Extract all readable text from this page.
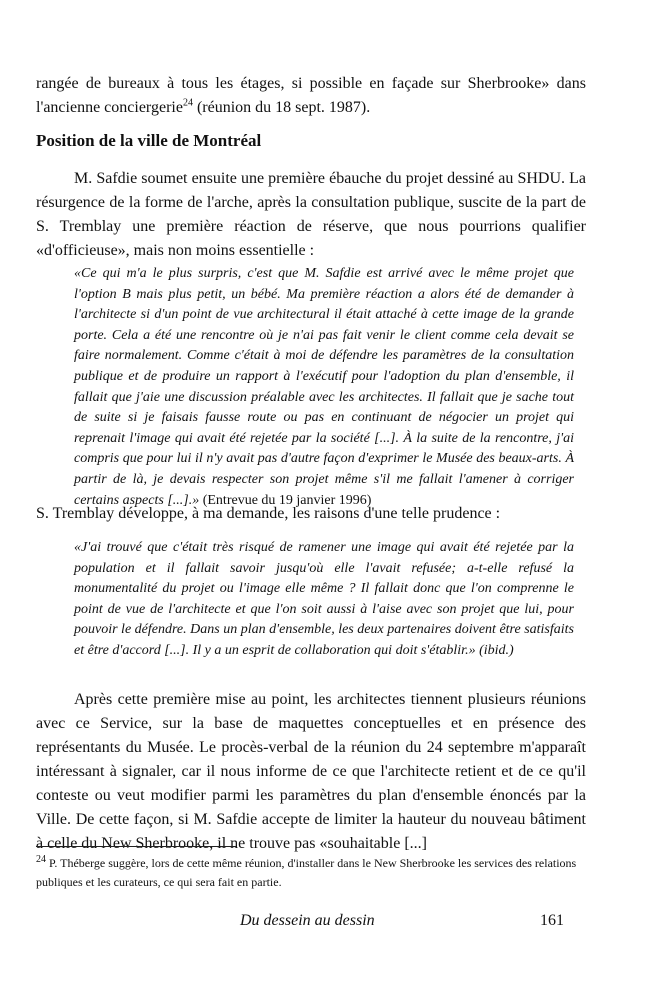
rangée de bureaux à tous les étages, si possible en façade sur Sherbrooke» dans l'ancienne conciergerie$^{24}$ (réunion du 18 sept. 1987).

Position de la ville de Montréal

M. Safdie soumet ensuite une première ébauche du projet dessiné au SHDU. La résurgence de la forme de l'arche, après la consultation publique, suscite de la part de S. Tremblay une première réaction de réserve, que nous pourrions qualifier «d'officieuse», mais non moins essentielle :

«Ce qui m'a le plus surpris, c'est que M. Safdie est arrivé avec le même projet que l'option B mais plus petit, un bébé. Ma première réaction a alors été de demander à l'architecte si d'un point de vue architectural il était attaché à cette image de la grande porte. Cela a été une rencontre où je n'ai pas fait venir le client comme cela devait se faire normalement. Comme c'était à moi de défendre les paramètres de la consultation publique et de produire un rapport à l'exécutif pour l'adoption du plan d'ensemble, il fallait que j'aie une discussion préalable avec les architectes. Il fallait que je sache tout de suite si je faisais fausse route ou pas en continuant de négocier un projet qui reprenait l'image qui avait été rejetée par la société [...]. À la suite de la rencontre, j'ai compris que pour lui il n'y avait pas d'autre façon d'exprimer le Musée des beaux-arts. À partir de là, je devais respecter son projet même s'il me fallait l'amener à corriger certains aspects [...].» (Entrevue du 19 janvier 1996)

S. Tremblay développe, à ma demande, les raisons d'une telle prudence :

«J'ai trouvé que c'était très risqué de ramener une image qui avait été rejetée par la population et il fallait savoir jusqu'où elle l'avait refusée; a-t-elle refusé la monumentalité du projet ou l'image elle même ? Il fallait donc que l'on comprenne le point de vue de l'architecte et que l'on soit aussi à l'aise avec son projet que lui, pour pouvoir le défendre. Dans un plan d'ensemble, les deux partenaires doivent être satisfaits et être d'accord [...]. Il y a un esprit de collaboration qui doit s'établir.» (ibid.)

Après cette première mise au point, les architectes tiennent plusieurs réunions avec ce Service, sur la base de maquettes conceptuelles et en présence des représentants du Musée. Le procès-verbal de la réunion du 24 septembre m'apparaît intéressant à signaler, car il nous informe de ce que l'architecte retient et de ce qu'il conteste ou veut modifier parmi les paramètres du plan d'ensemble énoncés par la Ville. De cette façon, si M. Safdie accepte de limiter la hauteur du nouveau bâtiment à celle du New Sherbrooke, il ne trouve pas «souhaitable [...]

$^{24}$ P. Théberge suggère, lors de cette même réunion, d'installer dans le New Sherbrooke les services des relations publiques et les curateurs, ce qui sera fait en partie.

Du dessein au dessin	161
